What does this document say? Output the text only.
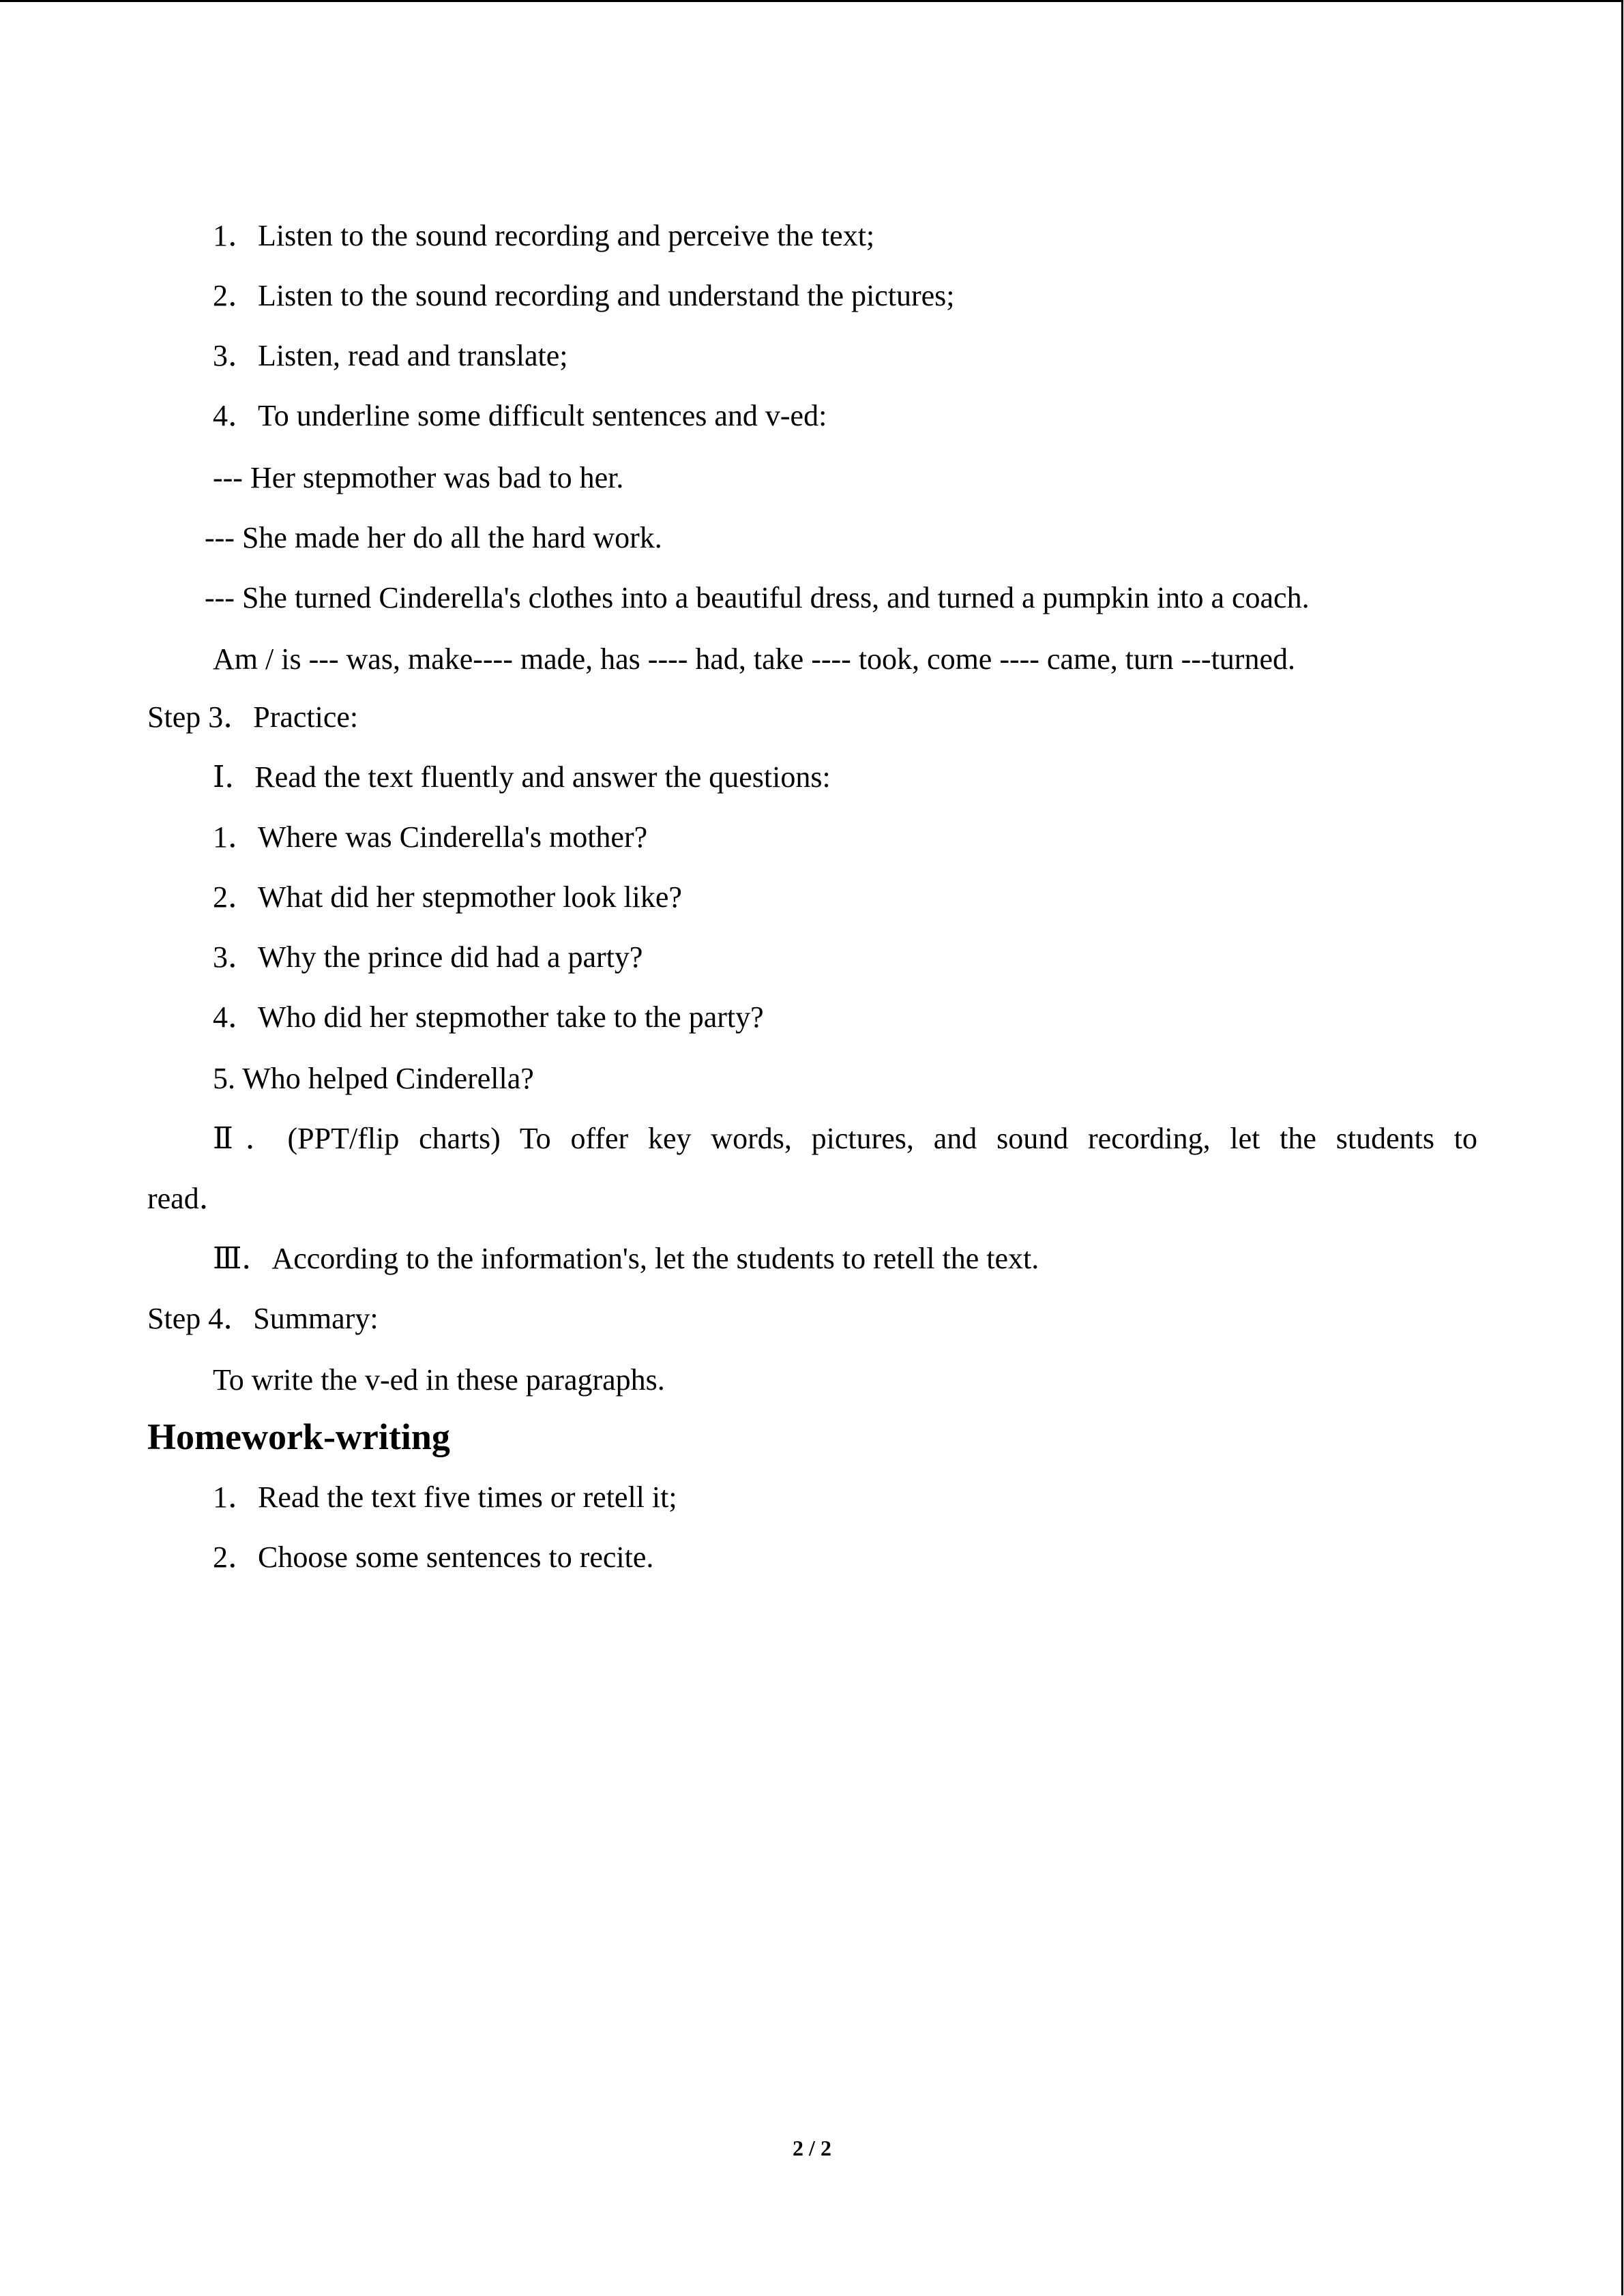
1．Listen to the sound recording and perceive the text;
2．Listen to the sound recording and understand the pictures;
3．Listen, read and translate;
4．To underline some difficult sentences and v-ed:
--- Her stepmother was bad to her.
--- She made her do all the hard work.
--- She turned Cinderella's clothes into a beautiful dress, and turned a pumpkin into a coach.
Am / is --- was, make---- made, has ---- had, take ---- took, come ---- came, turn ---turned.
Step 3．Practice:
Ⅰ．Read the text fluently and answer the questions:
1．Where was Cinderella's mother?
2．What did her stepmother look like?
3．Why the prince did had a party?
4．Who did her stepmother take to the party?
5. Who helped Cinderella?
Ⅱ．(PPT/flip charts) To offer key words, pictures, and sound recording, let the students to
read．
Ⅲ．According to the information's, let the students to retell the text.
Step 4．Summary:
To write the v-ed in these paragraphs.
Homework-writing
1．Read the text five times or retell it;
2．Choose some sentences to recite.
2 / 2
